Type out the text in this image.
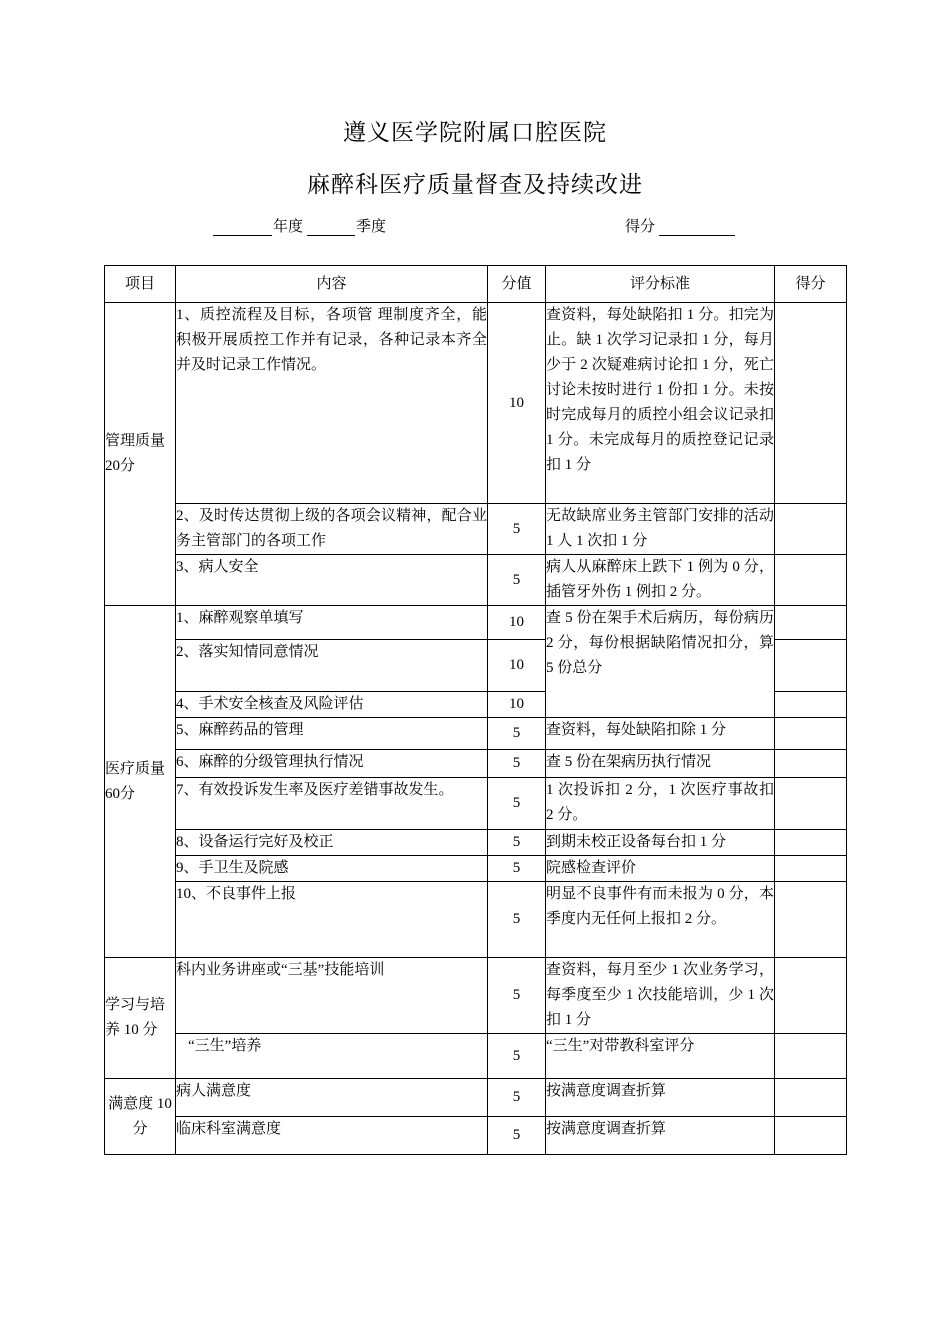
遵义医学院附属口腔医院
麻醉科医疗质量督查及持续改进
年度	季度	得分
项目	内容	分值	评分标准	得分
管理质量20分	1、质控流程及目标，各项管 理制度齐全，能积极开展质控工作并有记录，各种记录本齐全并及时记录工作情况。	10	查资料，每处缺陷扣 1 分。扣完为止。缺 1 次学习记录扣 1 分，每月少于 2 次疑难病讨论扣 1 分，死亡讨论未按时进行 1 份扣 1 分。未按时完成每月的质控小组会议记录扣 1 分。未完成每月的质控登记记录扣 1 分	
	2、及时传达贯彻上级的各项会议精神，配合业务主管部门的各项工作	5	无故缺席业务主管部门安排的活动 1 人 1 次扣 1 分	
	3、病人安全	5	病人从麻醉床上跌下 1 例为 0 分，插管牙外伤 1 例扣 2 分。	
医疗质量60分	1、麻醉观察单填写	10	查 5 份在架手术后病历，每份病历 2 分，每份根据缺陷情况扣分，算 5 份总分	
	2、落实知情同意情况	10		
	4、手术安全核查及风险评估	10		
	5、麻醉药品的管理	5	查资料，每处缺陷扣除 1 分	
	6、麻醉的分级管理执行情况	5	查 5 份在架病历执行情况	
	7、有效投诉发生率及医疗差错事故发生。	5	1 次投诉扣 2 分，1 次医疗事故扣 2 分。	
	8、设备运行完好及校正	5	到期未校正设备每台扣 1 分	
	9、手卫生及院感	5	院感检查评价	
	10、不良事件上报	5	明显不良事件有而未报为 0 分，本季度内无任何上报扣 2 分。	
学习与培养 10 分	科内业务讲座或“三基”技能培训	5	查资料，每月至少 1 次业务学习，每季度至少 1 次技能培训，少 1 次扣 1 分	
	“三生”培养	5	“三生”对带教科室评分	
满意度 10 分	病人满意度	5	按满意度调查折算	
	临床科室满意度	5	按满意度调查折算	
